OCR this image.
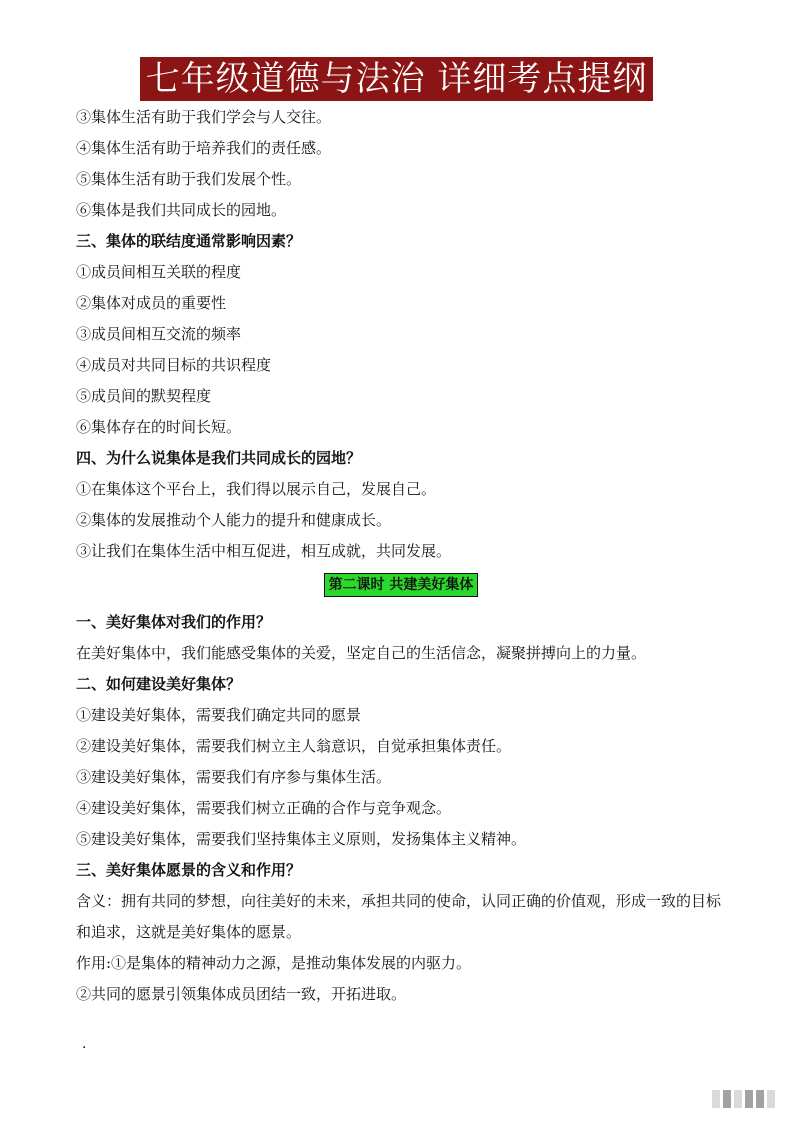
七年级道德与法治 详细考点提纲
③集体生活有助于我们学会与人交往。
④集体生活有助于培养我们的责任感。
⑤集体生活有助于我们发展个性。
⑥集体是我们共同成长的园地。
三、集体的联结度通常影响因素？
①成员间相互关联的程度
②集体对成员的重要性
③成员间相互交流的频率
④成员对共同目标的共识程度
⑤成员间的默契程度
⑥集体存在的时间长短。
四、为什么说集体是我们共同成长的园地？
①在集体这个平台上，我们得以展示自己，发展自己。
②集体的发展推动个人能力的提升和健康成长。
③让我们在集体生活中相互促进，相互成就，共同发展。
第二课时 共建美好集体
一、美好集体对我们的作用？
在美好集体中，我们能感受集体的关爱，坚定自己的生活信念，凝聚拼搏向上的力量。
二、如何建设美好集体？
①建设美好集体，需要我们确定共同的愿景
②建设美好集体，需要我们树立主人翁意识，自觉承担集体责任。
③建设美好集体，需要我们有序参与集体生活。
④建设美好集体，需要我们树立正确的合作与竞争观念。
⑤建设美好集体，需要我们坚持集体主义原则，发扬集体主义精神。
三、美好集体愿景的含义和作用？
含义：拥有共同的梦想，向往美好的未来，承担共同的使命，认同正确的价值观，形成一致的目标和追求，这就是美好集体的愿景。
作用:①是集体的精神动力之源，是推动集体发展的内驱力。
②共同的愿景引领集体成员团结一致，开拓进取。
·
